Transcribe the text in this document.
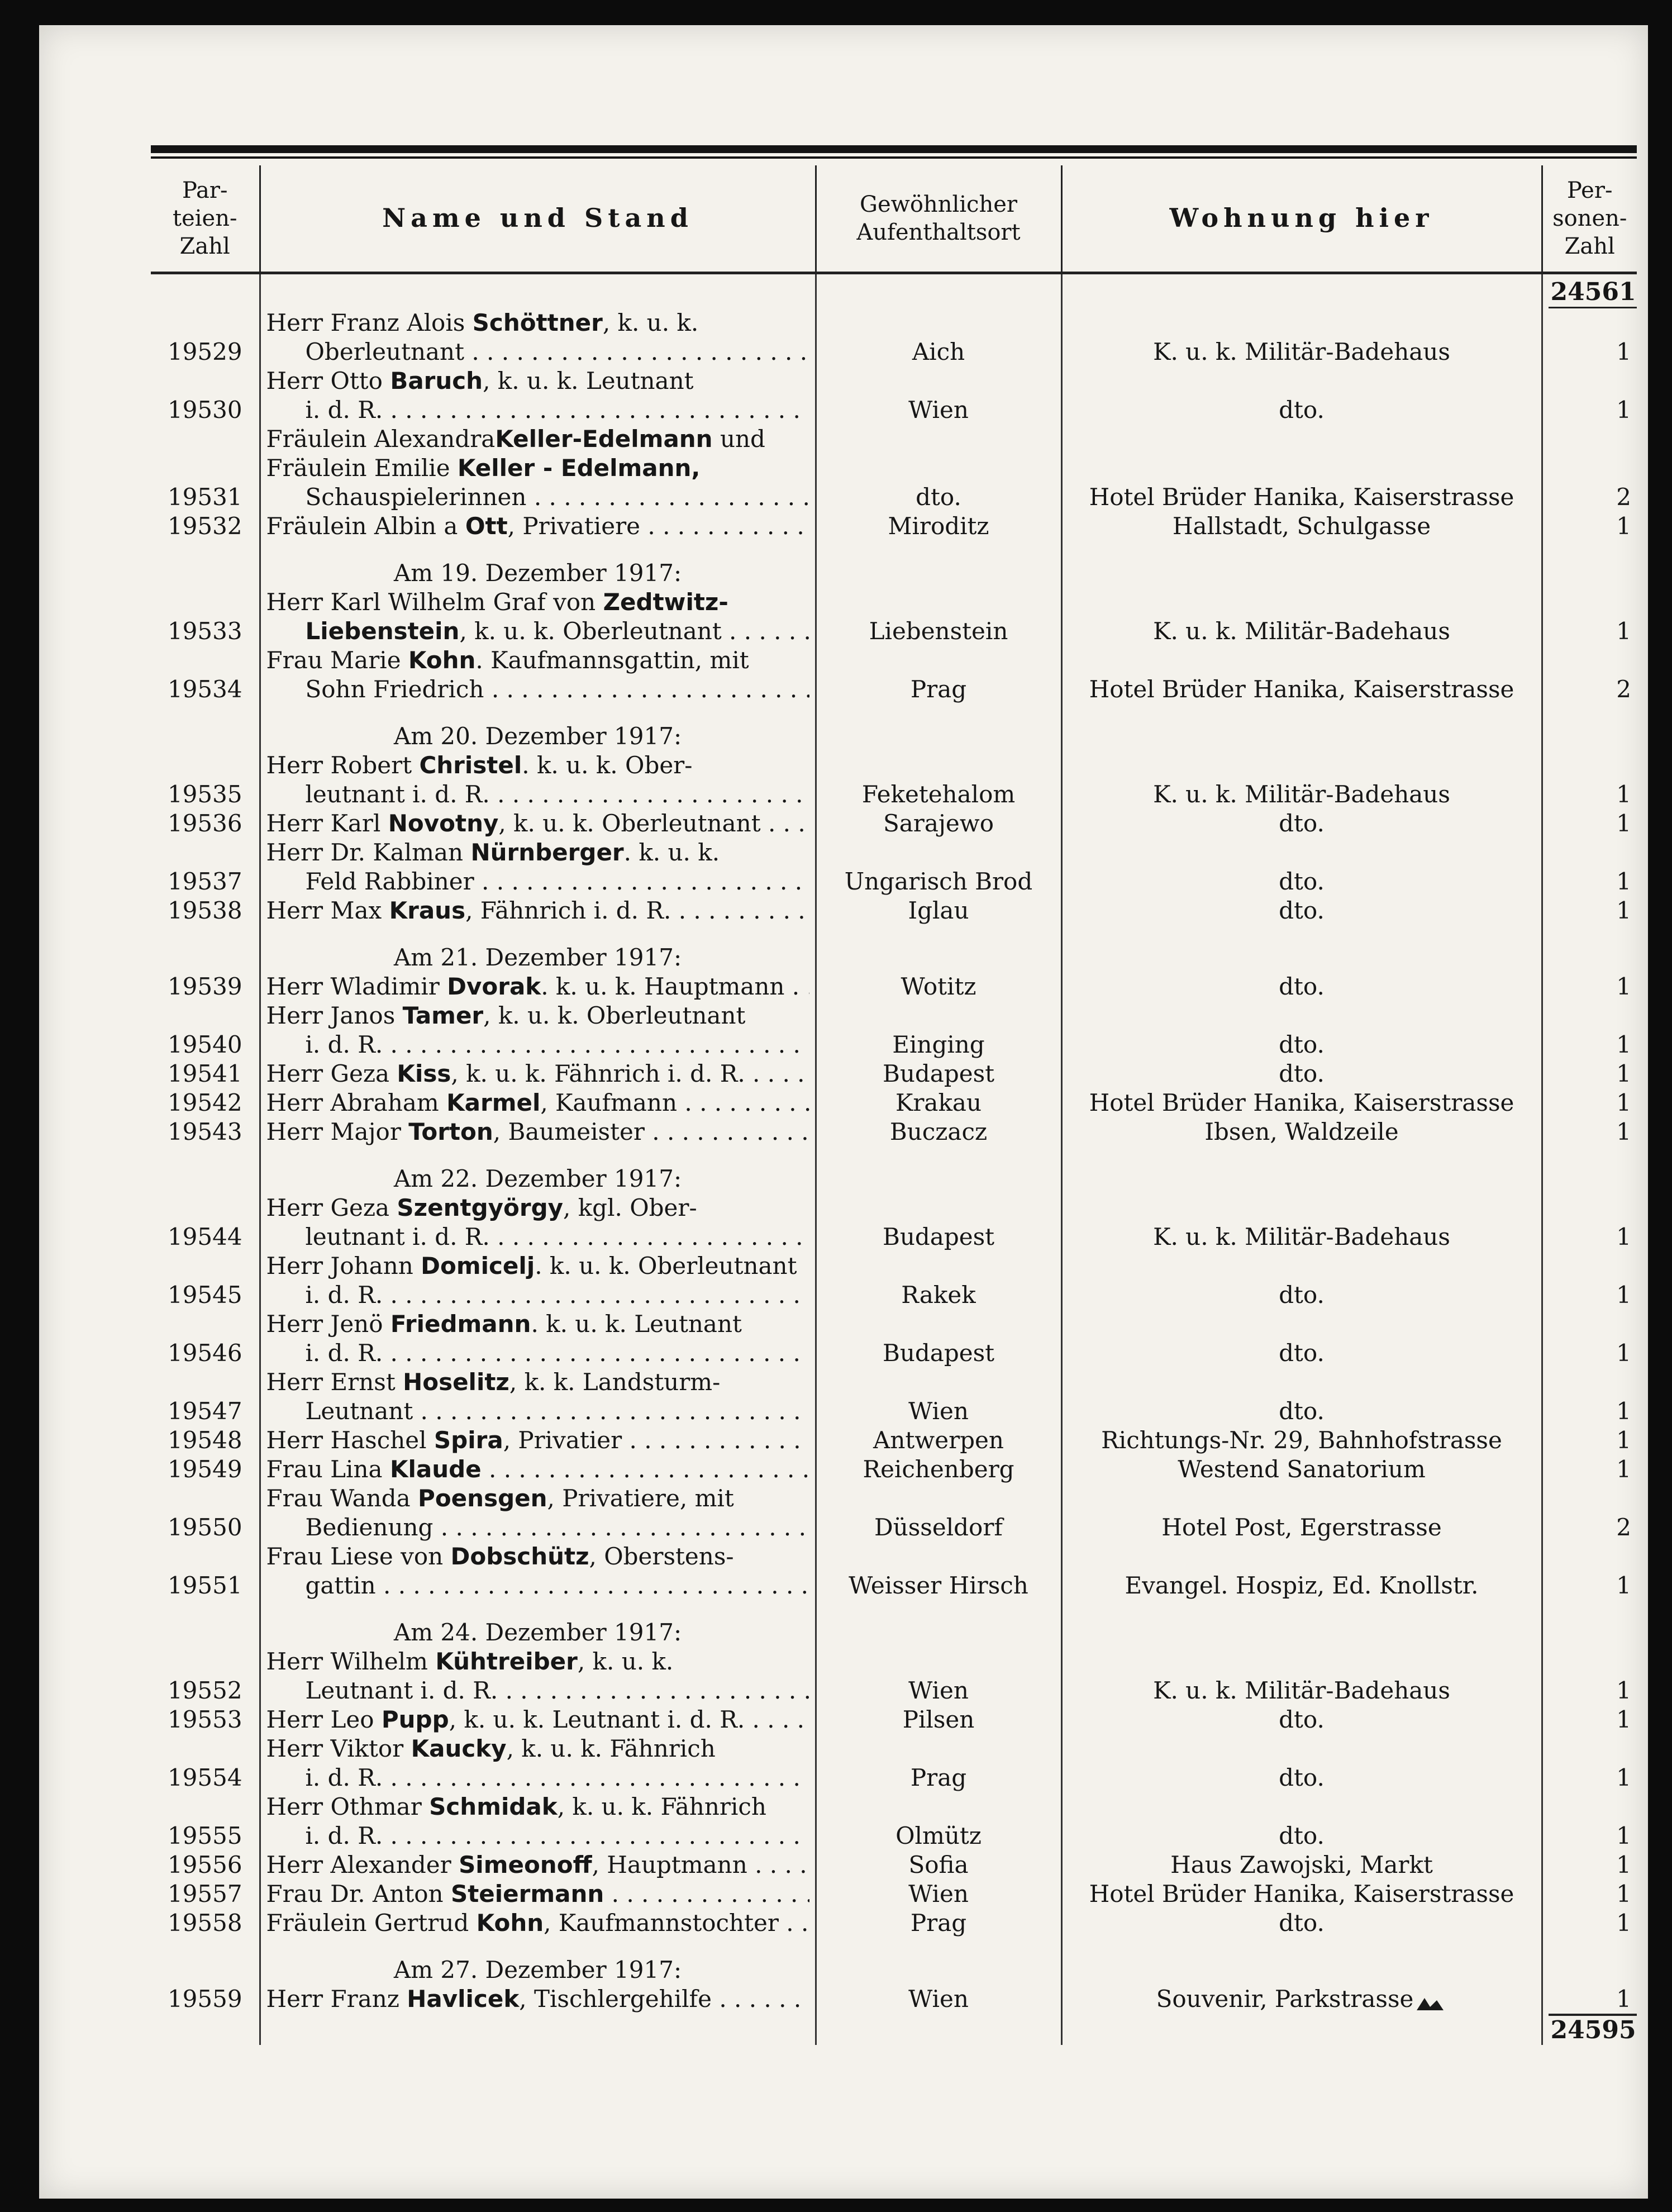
Par-
teien-
Zahl	Name und Stand	Gewöhnlicher
Aufenthaltsort	Wohnung hier	Per-
sonen-
Zahl
				24561
19529	Herr Franz Alois Schöttner, k. u. k.
Oberleutnant . . .	Aich	K. u. k. Militär-Badehaus	1
19530	Herr Otto Baruch, k. u. k. Leutnant
i. d. R. . . .	Wien	dto.	1
19531	Fräulein AlexandraKeller-Edelmann und
Fräulein Emilie Keller - Edelmann,
Schauspielerinnen . . .	dto.	Hotel Brüder Hanika, Kaiserstrasse	2
19532	Fräulein Albin a Ott, Privatiere . . .	Miroditz	Hallstadt, Schulgasse	1
	Am 19. Dezember 1917:			
19533	Herr Karl Wilhelm Graf von Zedtwitz-
Liebenstein, k. u. k. Oberleutnant . . .	Liebenstein	K. u. k. Militär-Badehaus	1
19534	Frau Marie Kohn. Kaufmannsgattin, mit
Sohn Friedrich . . .	Prag	Hotel Brüder Hanika, Kaiserstrasse	2
	Am 20. Dezember 1917:			
19535	Herr Robert Christel. k. u. k. Ober-
leutnant i. d. R. . . .	Feketehalom	K. u. k. Militär-Badehaus	1
19536	Herr Karl Novotny, k. u. k. Oberleutnant . . .	Sarajewo	dto.	1
19537	Herr Dr. Kalman Nürnberger. k. u. k.
Feld Rabbiner . . .	Ungarisch Brod	dto.	1
19538	Herr Max Kraus, Fähnrich i. d. R. . . .	Iglau	dto.	1
	Am 21. Dezember 1917:			
19539	Herr Wladimir Dvorak. k. u. k. Hauptmann . . .	Wotitz	dto.	1
19540	Herr Janos Tamer, k. u. k. Oberleutnant
i. d. R. . . .	Einging	dto.	1
19541	Herr Geza Kiss, k. u. k. Fähnrich i. d. R. . . .	Budapest	dto.	1
19542	Herr Abraham Karmel, Kaufmann . . .	Krakau	Hotel Brüder Hanika, Kaiserstrasse	1
19543	Herr Major Torton, Baumeister . . .	Buczacz	Ibsen, Waldzeile	1
	Am 22. Dezember 1917:			
19544	Herr Geza Szentgyörgy, kgl. Ober-
leutnant i. d. R. . . .	Budapest	K. u. k. Militär-Badehaus	1
19545	Herr Johann Domicelj. k. u. k. Oberleutnant
i. d. R. . . .	Rakek	dto.	1
19546	Herr Jenö Friedmann. k. u. k. Leutnant
i. d. R. . . .	Budapest	dto.	1
19547	Herr Ernst Hoselitz, k. k. Landsturm-
Leutnant . . .	Wien	dto.	1
19548	Herr Haschel Spira, Privatier . . .	Antwerpen	Richtungs-Nr. 29, Bahnhofstrasse	1
19549	Frau Lina Klaude . . .	Reichenberg	Westend Sanatorium	1
19550	Frau Wanda Poensgen, Privatiere, mit
Bedienung . . .	Düsseldorf	Hotel Post, Egerstrasse	2
19551	Frau Liese von Dobschütz, Oberstens-
gattin . . .	Weisser Hirsch	Evangel. Hospiz, Ed. Knollstr.	1
	Am 24. Dezember 1917:			
19552	Herr Wilhelm Kühtreiber, k. u. k.
Leutnant i. d. R. . . .	Wien	K. u. k. Militär-Badehaus	1
19553	Herr Leo Pupp, k. u. k. Leutnant i. d. R. . . .	Pilsen	dto.	1
19554	Herr Viktor Kaucky, k. u. k. Fähnrich
i. d. R. . . .	Prag	dto.	1
19555	Herr Othmar Schmidak, k. u. k. Fähnrich
i. d. R. . . .	Olmütz	dto.	1
19556	Herr Alexander Simeonoff, Hauptmann . . .	Sofia	Haus Zawojski, Markt	1
19557	Frau Dr. Anton Steiermann . . .	Wien	Hotel Brüder Hanika, Kaiserstrasse	1
19558	Fräulein Gertrud Kohn, Kaufmannstochter . . .	Prag	dto.	1
	Am 27. Dezember 1917:			
19559	Herr Franz Havlicek, Tischlergehilfe . . .	Wien	Souvenir, Parkstrasse	1
				24595
